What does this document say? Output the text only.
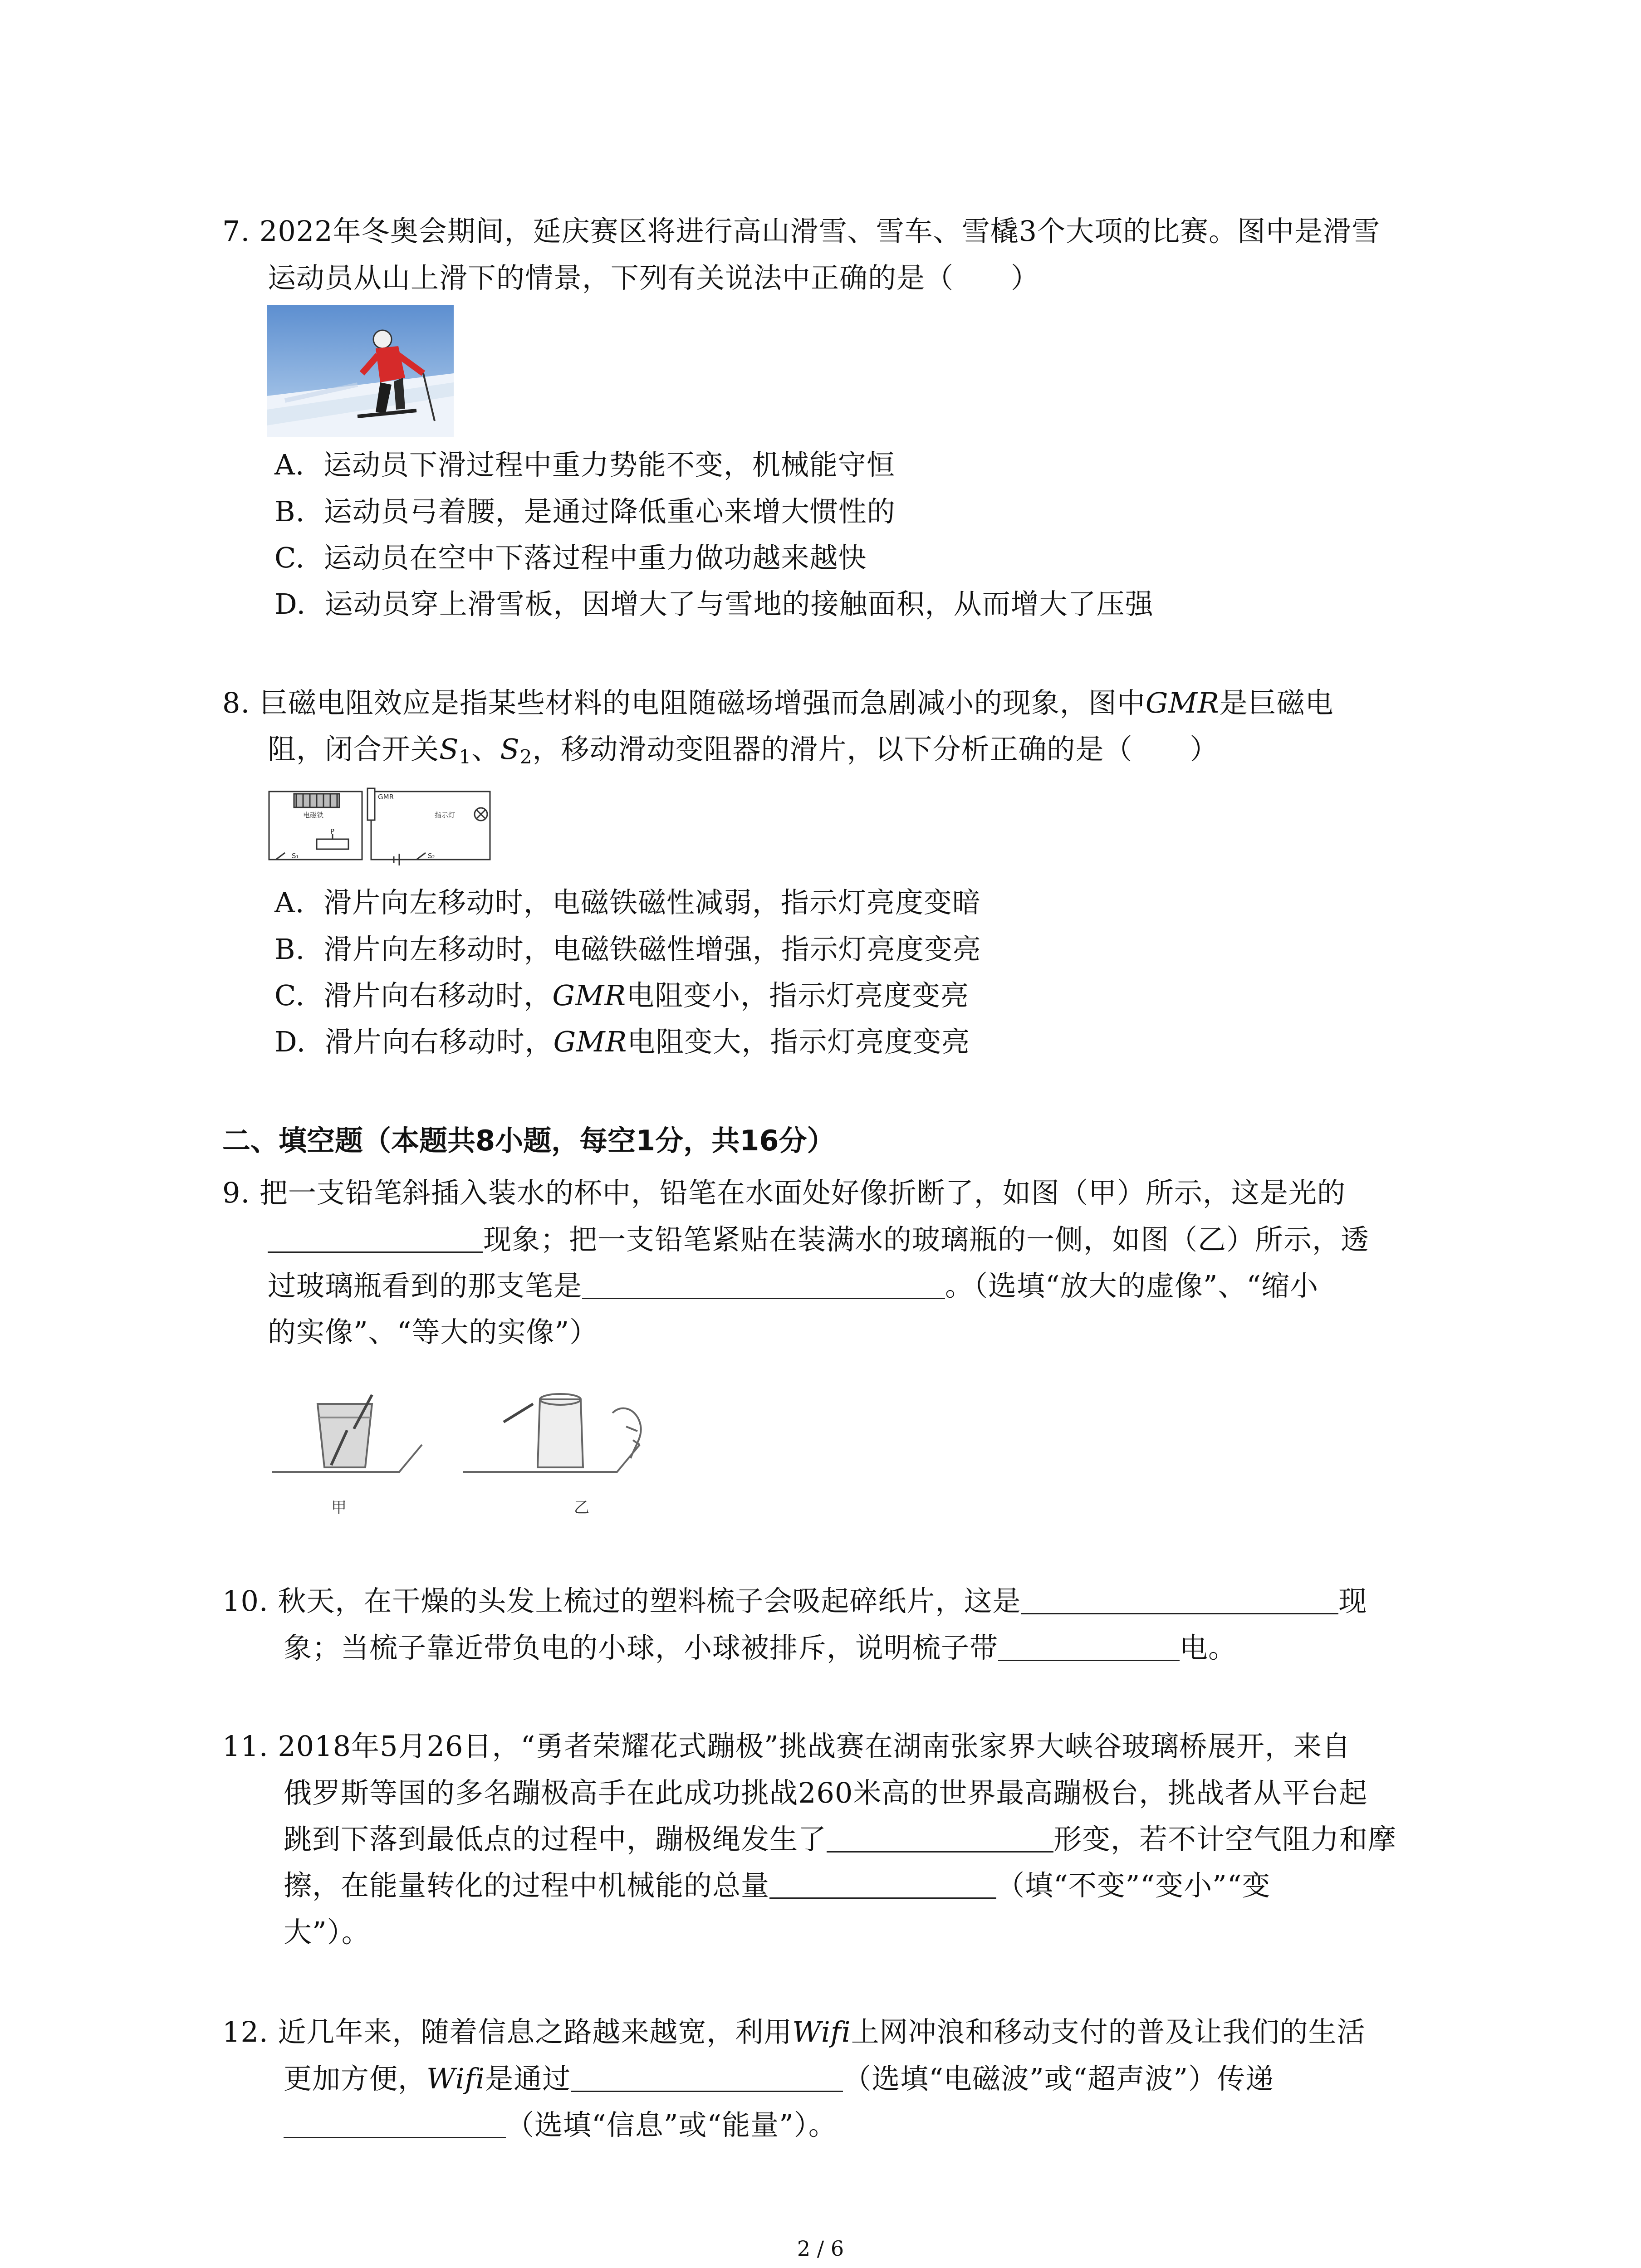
7. 2022年冬奥会期间，延庆赛区将进行高山滑雪、雪车、雪橇3个大项的比赛。图中是滑雪
运动员从山上滑下的情景，下列有关说法中正确的是（　　）
A. 运动员下滑过程中重力势能不变，机械能守恒
B. 运动员弓着腰，是通过降低重心来增大惯性的
C. 运动员在空中下落过程中重力做功越来越快
D. 运动员穿上滑雪板，因增大了与雪地的接触面积，从而增大了压强
8. 巨磁电阻效应是指某些材料的电阻随磁场增强而急剧减小的现象，图中GMR是巨磁电
阻，闭合开关$S_1$、$S_2$，移动滑动变阻器的滑片，以下分析正确的是（　　）
GMR
电磁铁	指示灯
P
S₁	S₂
A. 滑片向左移动时，电磁铁磁性减弱，指示灯亮度变暗
B. 滑片向左移动时，电磁铁磁性增强，指示灯亮度变亮
C. 滑片向右移动时，GMR电阻变小，指示灯亮度变亮
D. 滑片向右移动时，GMR电阻变大，指示灯亮度变亮
二、填空题（本题共8小题，每空1分，共16分）
9. 把一支铅笔斜插入装水的杯中，铅笔在水面处好像折断了，如图（甲）所示，这是光的
现象；把一支铅笔紧贴在装满水的玻璃瓶的一侧，如图（乙）所示，透
过玻璃瓶看到的那支笔是	。（选填“放大的虚像”、“缩小
的实像”、“等大的实像”）
甲	乙
10. 秋天，在干燥的头发上梳过的塑料梳子会吸起碎纸片，这是	现
象；当梳子靠近带负电的小球，小球被排斥，说明梳子带	电。
11. 2018年5月26日，“勇者荣耀花式蹦极”挑战赛在湖南张家界大峡谷玻璃桥展开，来自
俄罗斯等国的多名蹦极高手在此成功挑战260米高的世界最高蹦极台，挑战者从平台起
跳到下落到最低点的过程中，蹦极绳发生了	形变，若不计空气阻力和摩
擦，在能量转化的过程中机械能的总量	（填“不变”“变小”“变
大”）。
12. 近几年来，随着信息之路越来越宽，利用Wifi上网冲浪和移动支付的普及让我们的生活
更加方便，Wifi是通过	（选填“电磁波”或“超声波”）传递
（选填“信息”或“能量”）。
2 / 6
